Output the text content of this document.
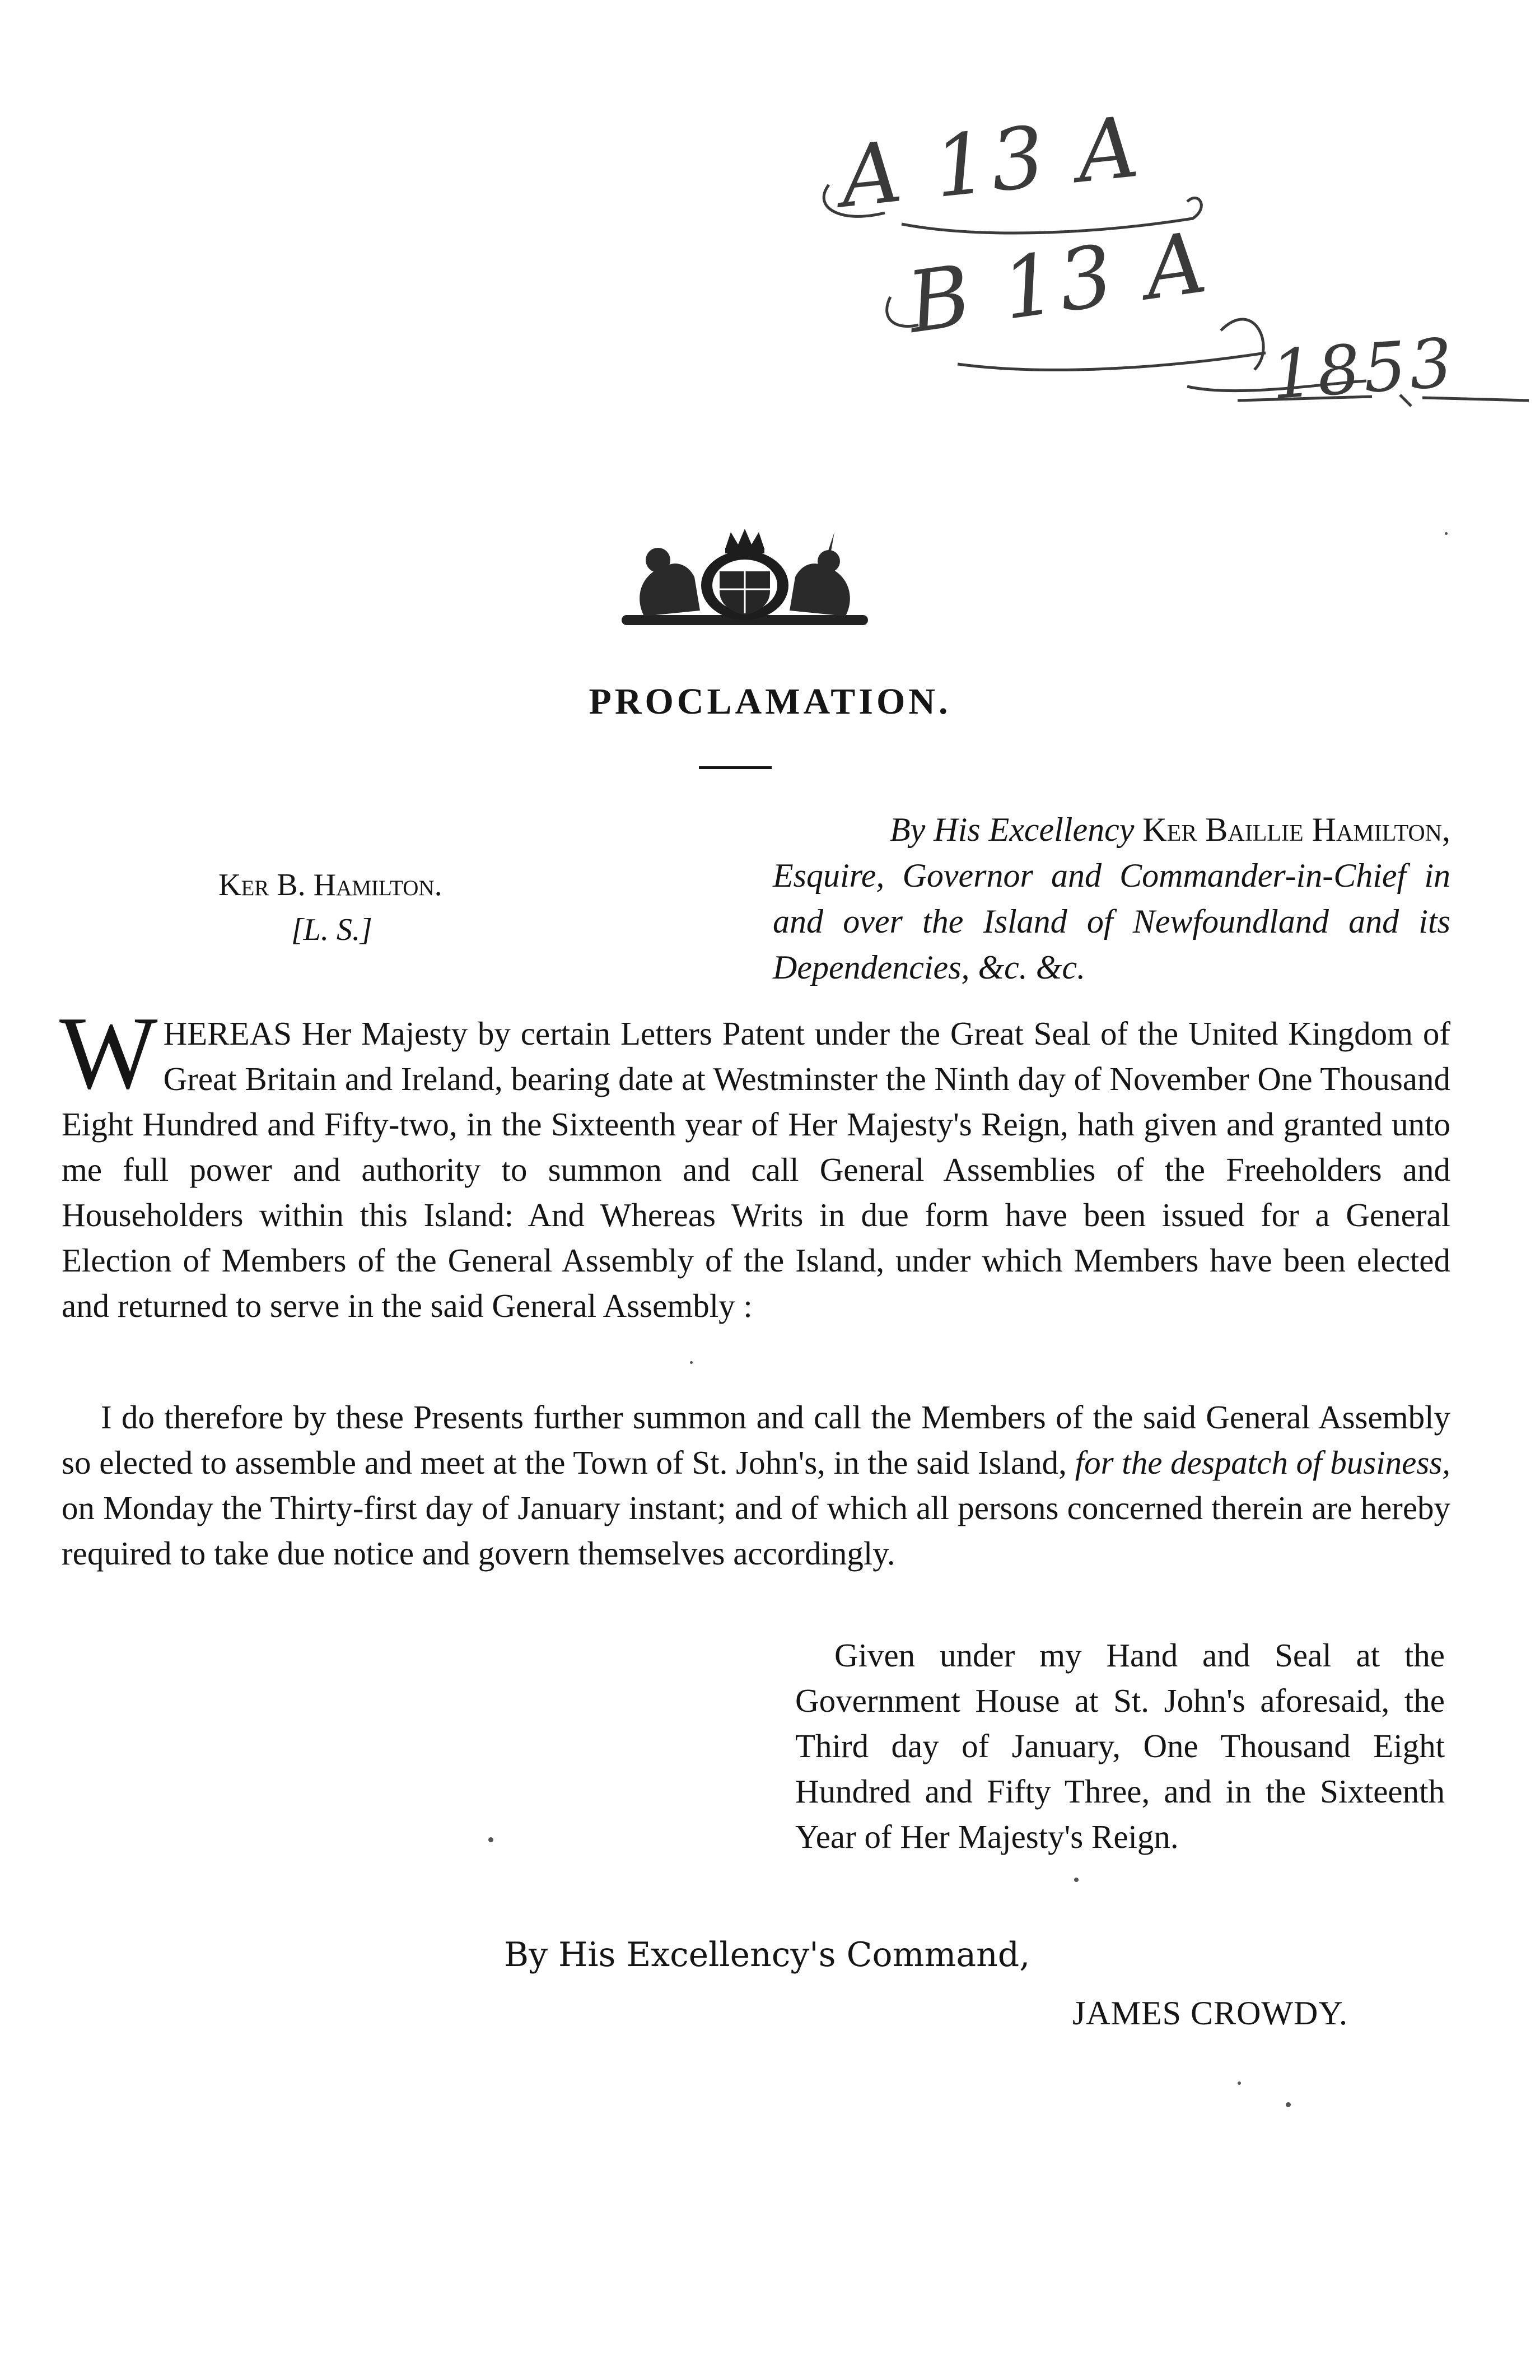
A 13 A
B 13 A
1853
PROCLAMATION.
Ker B. Hamilton.
[L. S.]
By His Excellency Ker Baillie Hamilton,
Esquire, Governor and Commander-in-Chief in and over the Island of Newfoundland and its Dependencies, &c. &c.
WHEREAS Her Majesty by certain Letters Patent under the Great Seal of the United Kingdom of Great Britain and Ireland, bearing date at Westminster the Ninth day of November One Thousand Eight Hundred and Fifty-two, in the Sixteenth year of Her Majesty's Reign, hath given and granted unto me full power and authority to summon and call General Assemblies of the Freeholders and Householders within this Island: And Whereas Writs in due form have been issued for a General Election of Members of the General Assembly of the Island, under which Members have been elected and returned to serve in the said General Assembly :
I do therefore by these Presents further summon and call the Members of the said General Assembly so elected to assemble and meet at the Town of St. John's, in the said Island, for the despatch of business, on Monday the Thirty-first day of January instant; and of which all persons concerned therein are hereby required to take due notice and govern themselves accordingly.
Given under my Hand and Seal at the Government House at St. John's aforesaid, the Third day of January, One Thousand Eight Hundred and Fifty Three, and in the Sixteenth Year of Her Majesty's Reign.
By His Excellency's Command,
JAMES CROWDY.
